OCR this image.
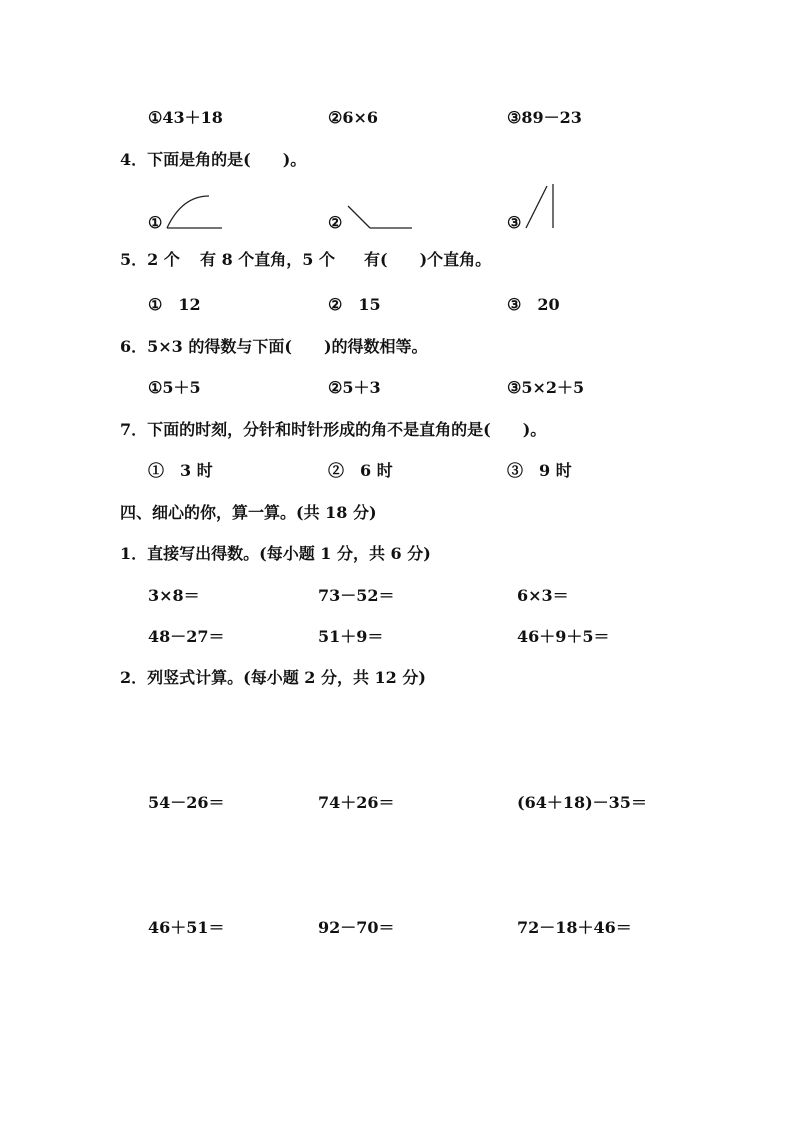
①43＋18	②6×6	③89－23
4．下面是角的是(　　)。
①	②	③
5．2 个 有 8 个直角，5 个 有(　　)个直角。
①　12	②　15	③　20
6．5×3 的得数与下面(　　)的得数相等。
①5＋5	②5＋3	③5×2＋5
7．下面的时刻，分针和时针形成的角不是直角的是(　　)。
①　3 时	②　6 时	③　9 时
四、细心的你，算一算。(共 18 分)
1．直接写出得数。(每小题 1 分，共 6 分)
3×8＝	73－52＝	6×3＝
48－27＝	51＋9＝	46＋9＋5＝
2．列竖式计算。(每小题 2 分，共 12 分)
54－26＝	74＋26＝	(64＋18)－35＝
46＋51＝	92－70＝	72－18＋46＝
